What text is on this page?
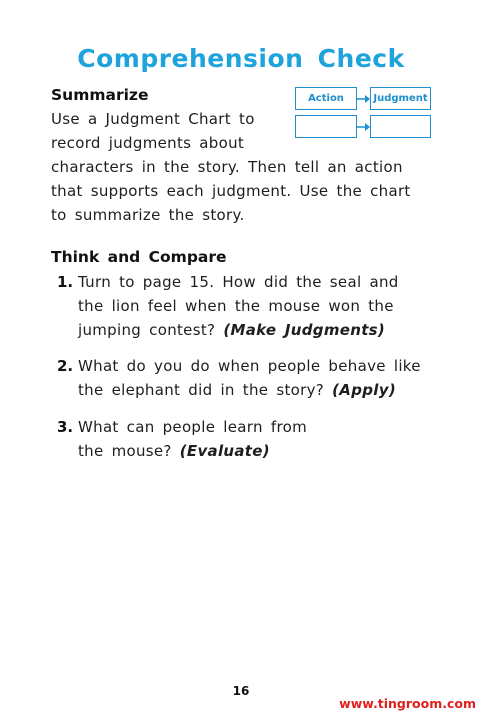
Comprehension Check
Summarize
Use a Judgment Chart to
record judgments about
characters in the story. Then tell an action
that supports each judgment. Use the chart
to summarize the story.
Action	Judgment
Think and Compare
1. Turn to page 15. How did the seal and
the lion feel when the mouse won the
jumping contest? (Make Judgments)
2. What do you do when people behave like
the elephant did in the story? (Apply)
3. What can people learn from
the mouse? (Evaluate)
16
www.tingroom.com
